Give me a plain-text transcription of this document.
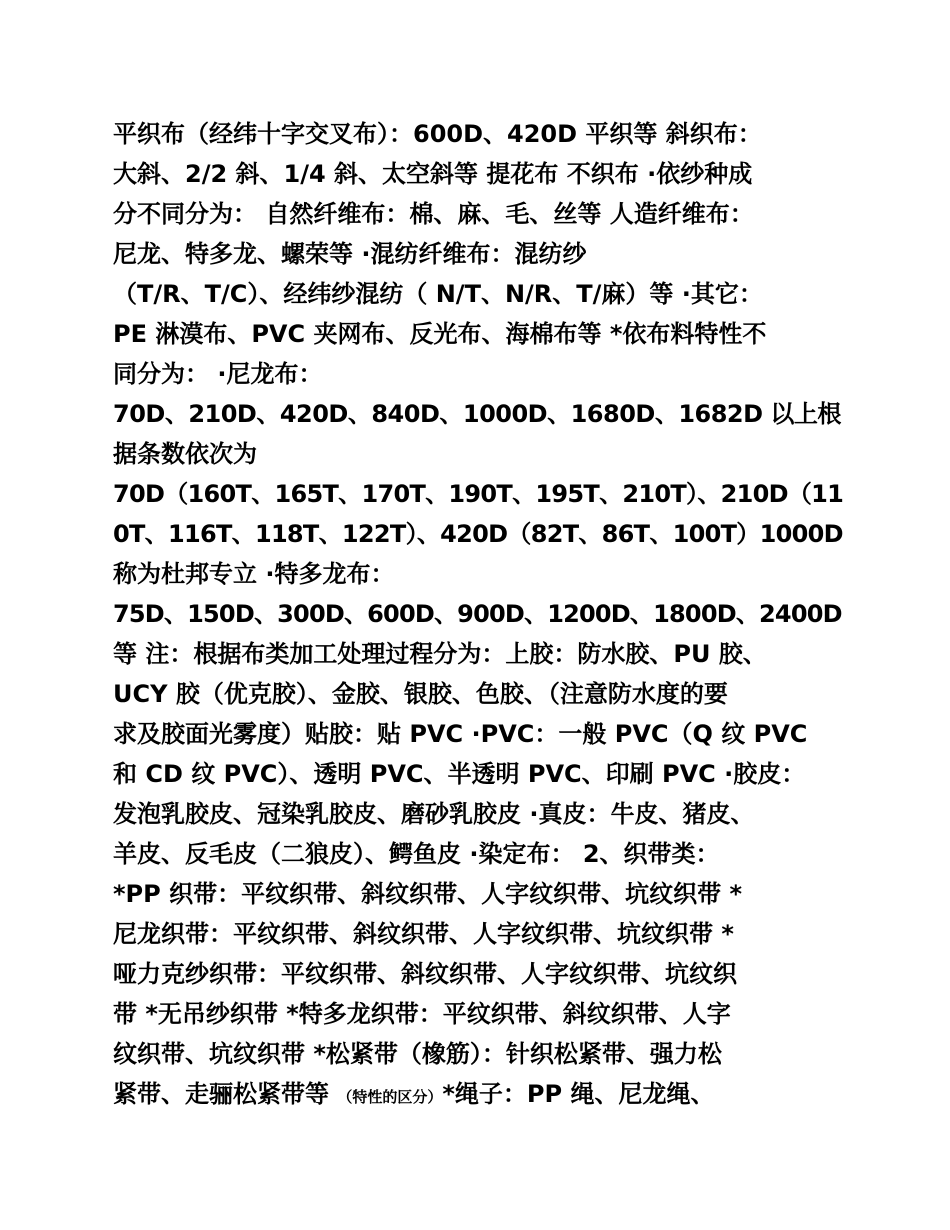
平织布（经纬十字交叉布）：600D、420D 平织等 斜织布：
大斜、2/2 斜、1/4 斜、太空斜等 提花布 不织布 ·依纱种成
分不同分为： 自然纤维布：棉、麻、毛、丝等 人造纤维布：
尼龙、特多龙、螺荣等 ·混纺纤维布：混纺纱
（T/R、T/C）、经纬纱混纺（ N/T、N/R、T/麻）等 ·其它：
PE 淋漠布、PVC 夹网布、反光布、海棉布等 *依布料特性不
同分为： ·尼龙布：
70D、210D、420D、840D、1000D、1680D、1682D 以上根
据条数依次为
70D（160T、165T、170T、190T、195T、210T）、210D（11
0T、116T、118T、122T）、420D（82T、86T、100T）1000D
称为杜邦专立 ·特多龙布：
75D、150D、300D、600D、900D、1200D、1800D、2400D
等 注：根据布类加工处理过程分为：上胶：防水胶、PU 胶、
UCY 胶（优克胶）、金胶、银胶、色胶、（注意防水度的要
求及胶面光雾度）贴胶：贴 PVC ·PVC：一般 PVC（Q 纹 PVC
和 CD 纹 PVC）、透明 PVC、半透明 PVC、印刷 PVC ·胶皮：
发泡乳胶皮、冠染乳胶皮、磨砂乳胶皮 ·真皮：牛皮、猪皮、
羊皮、反毛皮（二狼皮）、鳄鱼皮 ·染定布： 2、织带类：
*PP 织带：平纹织带、斜纹织带、人字纹织带、坑纹织带 *
尼龙织带：平纹织带、斜纹织带、人字纹织带、坑纹织带 *
哑力克纱织带：平纹织带、斜纹织带、人字纹织带、坑纹织
带 *无吊纱织带 *特多龙织带：平纹织带、斜纹织带、人字
纹织带、坑纹织带 *松紧带（橡筋）：针织松紧带、强力松
紧带、走骊松紧带等 （特性的区分）*绳子：PP 绳、尼龙绳、
